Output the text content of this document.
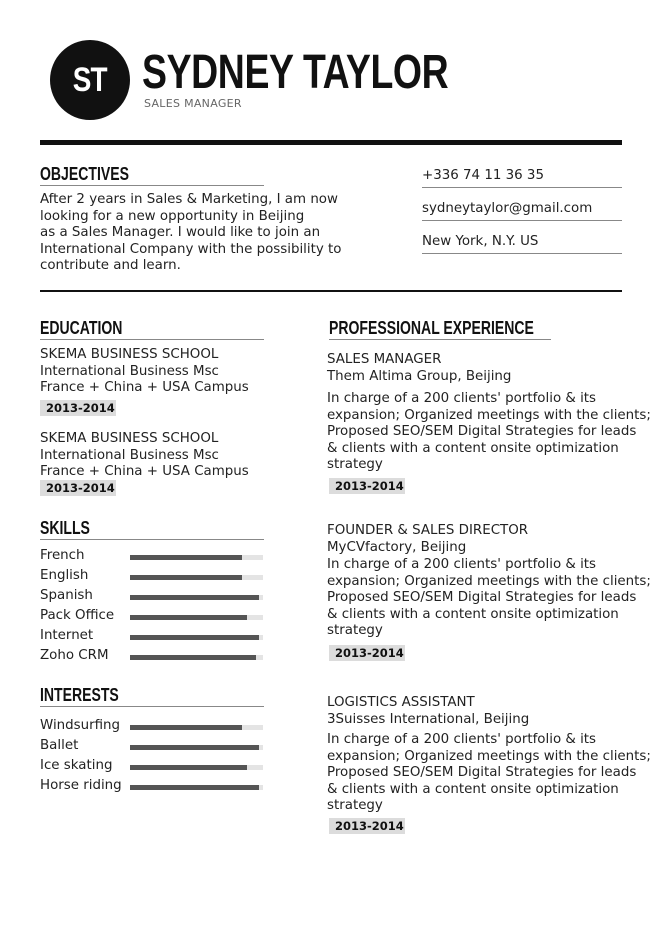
ST SYDNEY TAYLOR
SALES MANAGER
OBJECTIVES
After 2 years in Sales & Marketing, I am now
looking for a new opportunity in Beijing
as a Sales Manager. I would like to join an
International Company with the possibility to
contribute and learn.
+336 74 11 36 35
sydneytaylor@gmail.com
New York, N.Y. US
EDUCATION
SKEMA BUSINESS SCHOOL
International Business Msc
France + China + USA Campus
2013-2014
SKEMA BUSINESS SCHOOL
International Business Msc
France + China + USA Campus
2013-2014
SKILLS
French
English
Spanish
Pack Office
Internet
Zoho CRM
INTERESTS
Windsurfing
Ballet
Ice skating
Horse riding
PROFESSIONAL EXPERIENCE
SALES MANAGER
Them Altima Group, Beijing
In charge of a 200 clients' portfolio & its
expansion; Organized meetings with the clients;
Proposed SEO/SEM Digital Strategies for leads
& clients with a content onsite optimization
strategy
2013-2014
FOUNDER & SALES DIRECTOR
MyCVfactory, Beijing
In charge of a 200 clients' portfolio & its
expansion; Organized meetings with the clients;
Proposed SEO/SEM Digital Strategies for leads
& clients with a content onsite optimization
strategy
2013-2014
LOGISTICS ASSISTANT
3Suisses International, Beijing
In charge of a 200 clients' portfolio & its
expansion; Organized meetings with the clients;
Proposed SEO/SEM Digital Strategies for leads
& clients with a content onsite optimization
strategy
2013-2014
